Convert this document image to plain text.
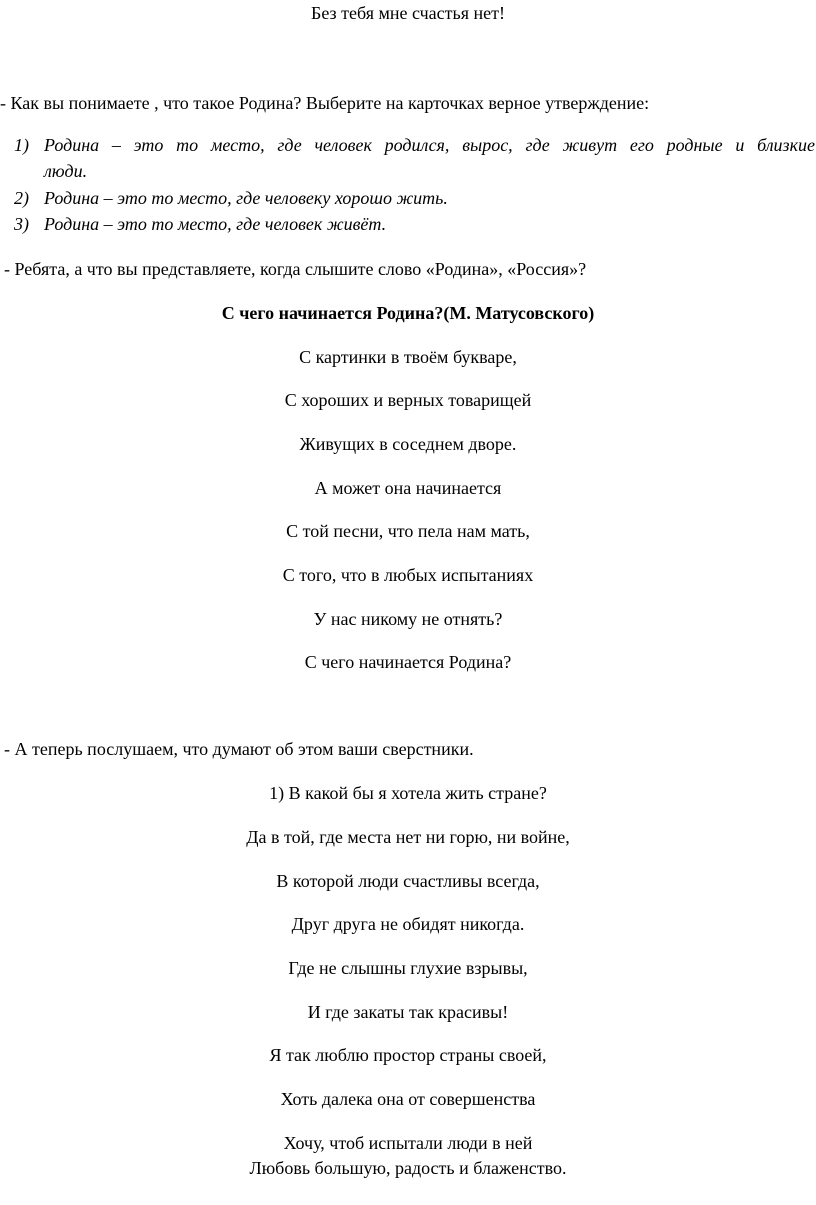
Без тебя мне счастья нет!
- Как вы понимаете , что такое Родина? Выберите на карточках верное утверждение:
1) Родина – это то место, где человек родился, вырос, где живут его родные и близкие
люди.
2) Родина – это то место, где человеку хорошо жить.
3) Родина – это то место, где человек живёт.
- Ребята, а что вы представляете, когда слышите слово «Родина», «Россия»?
С чего начинается Родина?(М. Матусовского)
С картинки в твоём букваре,
С хороших и верных товарищей
Живущих в соседнем дворе.
А может она начинается
С той песни, что пела нам мать,
С того, что в любых испытаниях
У нас никому не отнять?
С чего начинается Родина?
- А теперь послушаем, что думают об этом ваши сверстники.
1) В какой бы я хотела жить стране?
Да в той, где места нет ни горю, ни войне,
В которой люди счастливы всегда,
Друг друга не обидят никогда.
Где не слышны глухие взрывы,
И где закаты так красивы!
Я так люблю простор страны своей,
Хоть далека она от совершенства
Хочу, чтоб испытали люди в ней
Любовь большую, радость и блаженство.
